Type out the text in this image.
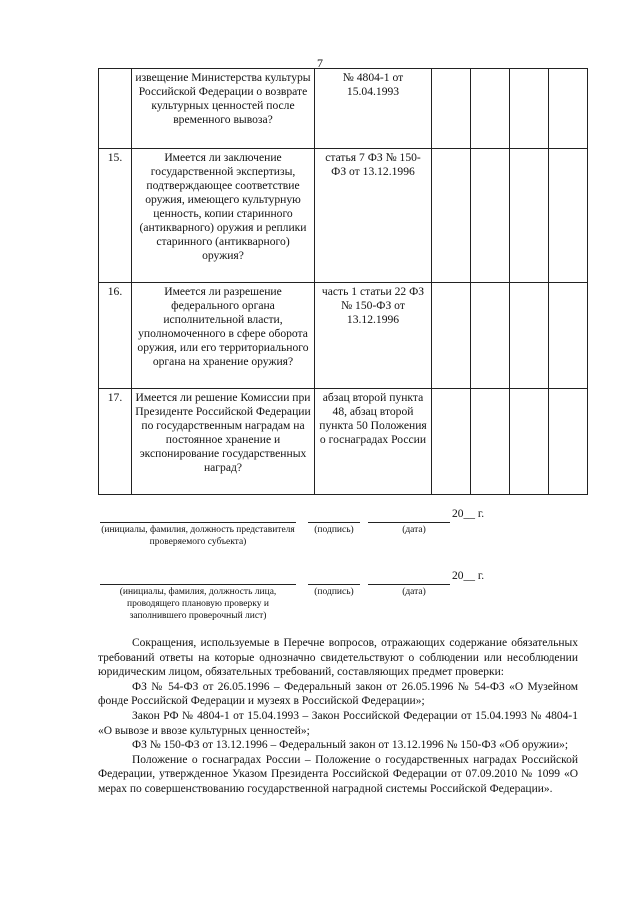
7
	извещение Министерства культуры Российской Федерации о возврате культурных ценностей после временного вывоза?	№ 4804-1 от 15.04.1993				
15.	Имеется ли заключение государственной экспертизы, подтверждающее соответствие оружия, имеющего культурную ценность, копии старинного (антикварного) оружия и реплики старинного (антикварного) оружия?	статья 7 ФЗ № 150-ФЗ от 13.12.1996				
16.	Имеется ли разрешение федерального органа исполнительной власти, уполномоченного в сфере оборота оружия, или его территориального органа на хранение оружия?	часть 1 статьи 22 ФЗ № 150-ФЗ от 13.12.1996				
17.	Имеется ли решение Комиссии при Президенте Российской Федерации по государственным наградам на постоянное хранение и экспонирование государственных наград?	абзац второй пункта 48, абзац второй пункта 50 Положения о госнаградах России				
20__ г.
(инициалы, фамилия, должность представителя проверяемого субъекта)
(подпись)	(дата)
20__ г.
(инициалы, фамилия, должность лица, проводящего плановую проверку и заполнившего проверочный лист)
(подпись)	(дата)

Сокращения, используемые в Перечне вопросов, отражающих содержание обязательных требований ответы на которые однозначно свидетельствуют о соблюдении или несоблюдении юридическим лицом, обязательных требований, составляющих предмет проверки:

ФЗ № 54-ФЗ от 26.05.1996 – Федеральный закон от 26.05.1996 № 54-ФЗ «О Музейном фонде Российской Федерации и музеях в Российской Федерации»;

Закон РФ № 4804-1 от 15.04.1993 – Закон Российской Федерации от 15.04.1993 № 4804-1 «О вывозе и ввозе культурных ценностей»;

ФЗ № 150-ФЗ от 13.12.1996 – Федеральный закон от 13.12.1996 № 150-ФЗ «Об оружии»;

Положение о госнаградах России – Положение о государственных наградах Российской Федерации, утвержденное Указом Президента Российской Федерации от 07.09.2010 № 1099 «О мерах по совершенствованию государственной наградной системы Российской Федерации».
